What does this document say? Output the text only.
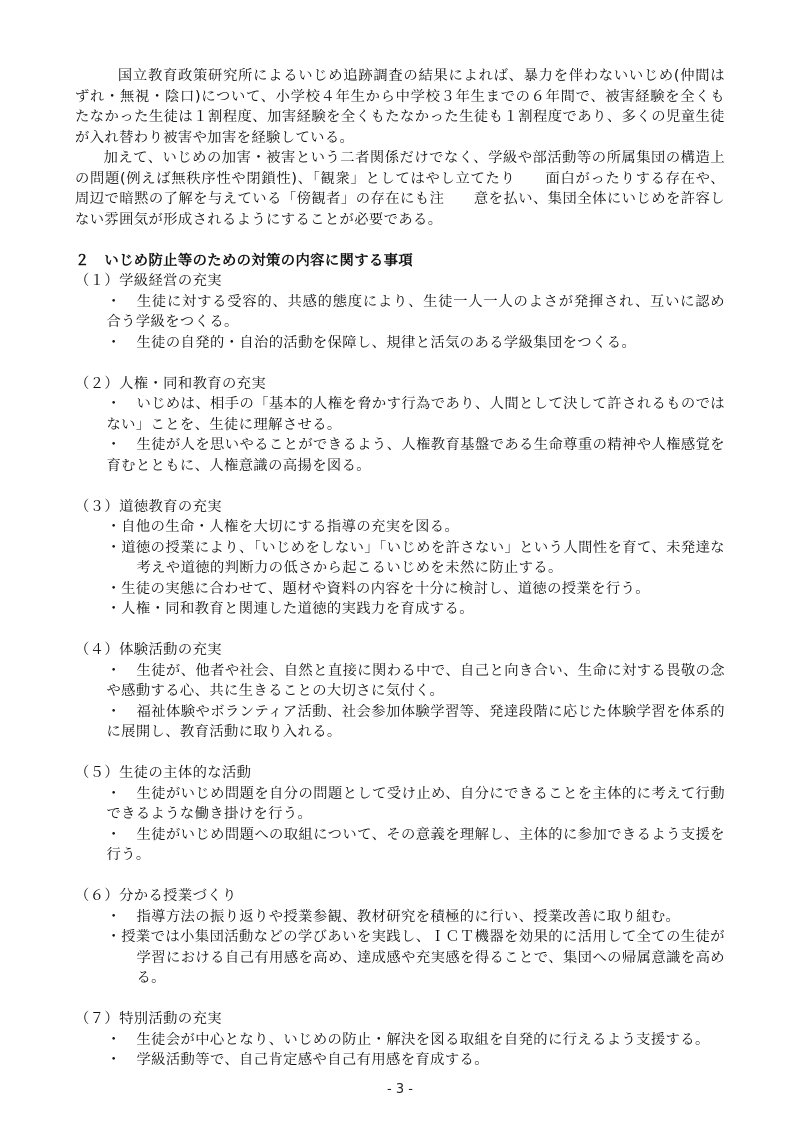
国立教育政策研究所によるいじめ追跡調査の結果によれば、暴力を伴わないいじめ(仲間はずれ・無視・陰口)について、小学校４年生から中学校３年生までの６年間で、被害経験を全くもたなかった生徒は１割程度、加害経験を全くもたなかった生徒も１割程度であり、多くの児童生徒が入れ替わり被害や加害を経験している。

加えて、いじめの加害・被害という二者関係だけでなく、学級や部活動等の所属集団の構造上の問題(例えば無秩序性や閉鎖性)、「観衆」としてはやし立てたり　　面白がったりする存在や、周辺で暗黙の了解を与えている「傍観者」の存在にも注　　意を払い、集団全体にいじめを許容しない雰囲気が形成されるようにすることが必要である。

２　いじめ防止等のための対策の内容に関する事項

（１）学級経営の充実

・ 生徒に対する受容的、共感的態度により、生徒一人一人のよさが発揮され、互いに認め合う学級をつくる。

・ 生徒の自発的・自治的活動を保障し、規律と活気のある学級集団をつくる。

（２）人権・同和教育の充実

・ いじめは、相手の「基本的人権を脅かす行為であり、人間として決して許されるものではない」ことを、生徒に理解させる。

・ 生徒が人を思いやることができるよう、人権教育基盤である生命尊重の精神や人権感覚を育むとともに、人権意識の高揚を図る。

（３）道徳教育の充実

・自他の生命・人権を大切にする指導の充実を図る。

・道徳の授業により、「いじめをしない」「いじめを許さない」という人間性を育て、未発達な考えや道徳的判断力の低さから起こるいじめを未然に防止する。

・生徒の実態に合わせて、題材や資料の内容を十分に検討し、道徳の授業を行う。

・人権・同和教育と関連した道徳的実践力を育成する。

（４）体験活動の充実

・ 生徒が、他者や社会、自然と直接に関わる中で、自己と向き合い、生命に対する畏敬の念や感動する心、共に生きることの大切さに気付く。

・ 福祉体験やボランティア活動、社会参加体験学習等、発達段階に応じた体験学習を体系的に展開し、教育活動に取り入れる。

（５）生徒の主体的な活動

・ 生徒がいじめ問題を自分の問題として受け止め、自分にできることを主体的に考えて行動できるような働き掛けを行う。

・ 生徒がいじめ問題への取組について、その意義を理解し、主体的に参加できるよう支援を行う。

（６）分かる授業づくり

・ 指導方法の振り返りや授業参観、教材研究を積極的に行い、授業改善に取り組む。

・授業では小集団活動などの学びあいを実践し、ＩＣＴ機器を効果的に活用して全ての生徒が学習における自己有用感を高め、達成感や充実感を得ることで、集団への帰属意識を高める。

（７）特別活動の充実

・ 生徒会が中心となり、いじめの防止・解決を図る取組を自発的に行えるよう支援する。

・ 学級活動等で、自己肯定感や自己有用感を育成する。

- 3 -
